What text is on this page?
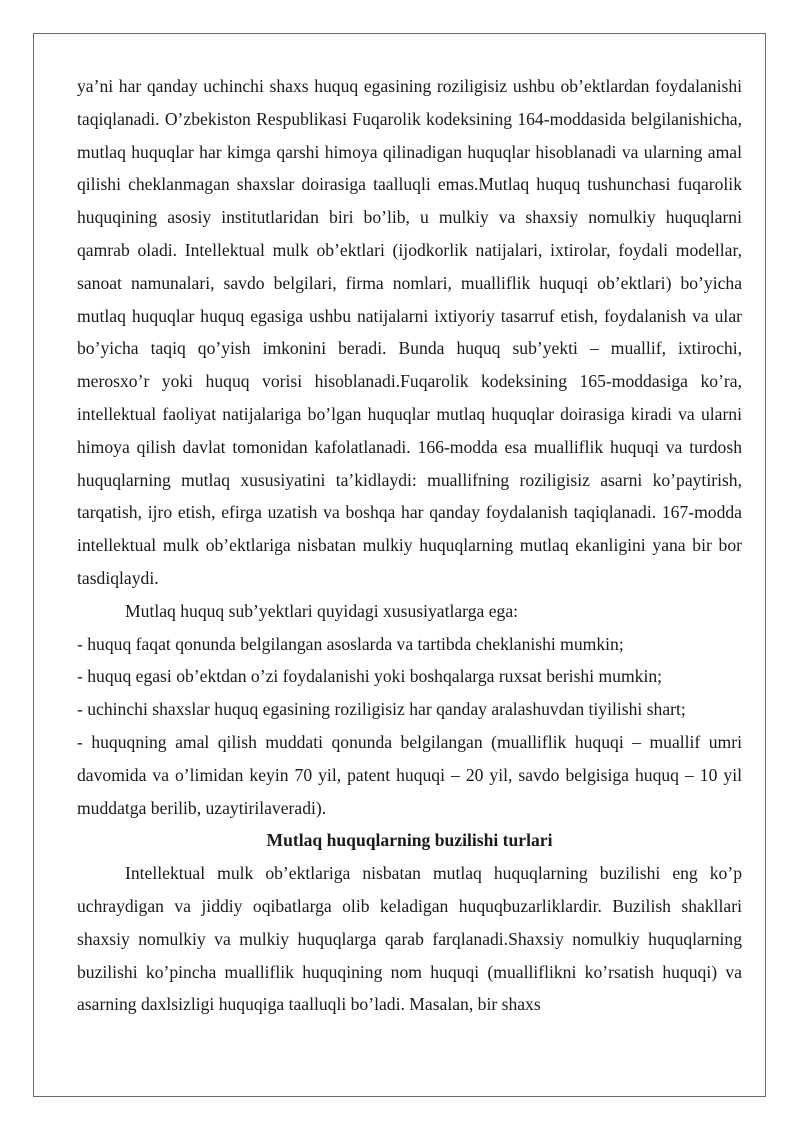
ya’ni har qanday uchinchi shaxs huquq egasining roziligisiz ushbu ob’ektlardan foydalanishi taqiqlanadi. O’zbekiston Respublikasi Fuqarolik kodeksining 164-moddasida belgilanishicha, mutlaq huquqlar har kimga qarshi himoya qilinadigan huquqlar hisoblanadi va ularning amal qilishi cheklanmagan shaxslar doirasiga taalluqli emas.Mutlaq huquq tushunchasi fuqarolik huquqining asosiy institutlaridan biri bo’lib, u mulkiy va shaxsiy nomulkiy huquqlarni qamrab oladi. Intellektual mulk ob’ektlari (ijodkorlik natijalari, ixtirolar, foydali modellar, sanoat namunalari, savdo belgilari, firma nomlari, mualliflik huquqi ob’ektlari) bo’yicha mutlaq huquqlar huquq egasiga ushbu natijalarni ixtiyoriy tasarruf etish, foydalanish va ular bo’yicha taqiq qo’yish imkonini beradi. Bunda huquq sub’yekti – muallif, ixtirochi, merosxo’r yoki huquq vorisi hisoblanadi.Fuqarolik kodeksining 165-moddasiga ko’ra, intellektual faoliyat natijalariga bo’lgan huquqlar mutlaq huquqlar doirasiga kiradi va ularni himoya qilish davlat tomonidan kafolatlanadi. 166-modda esa mualliflik huquqi va turdosh huquqlarning mutlaq xususiyatini ta’kidlaydi: muallifning roziligisiz asarni ko’paytirish, tarqatish, ijro etish, efirga uzatish va boshqa har qanday foydalanish taqiqlanadi. 167-modda intellektual mulk ob’ektlariga nisbatan mulkiy huquqlarning mutlaq ekanligini yana bir bor tasdiqlaydi.

Mutlaq huquq sub’yektlari quyidagi xususiyatlarga ega:

- huquq faqat qonunda belgilangan asoslarda va tartibda cheklanishi mumkin;

- huquq egasi ob’ektdan o’zi foydalanishi yoki boshqalarga ruxsat berishi mumkin;

- uchinchi shaxslar huquq egasining roziligisiz har qanday aralashuvdan tiyilishi shart;

- huquqning amal qilish muddati qonunda belgilangan (mualliflik huquqi – muallif umri davomida va o’limidan keyin 70 yil, patent huquqi – 20 yil, savdo belgisiga huquq – 10 yil muddatga berilib, uzaytirilaveradi).

Mutlaq huquqlarning buzilishi turlari

Intellektual mulk ob’ektlariga nisbatan mutlaq huquqlarning buzilishi eng ko’p uchraydigan va jiddiy oqibatlarga olib keladigan huquqbuzarliklardir. Buzilish shakllari shaxsiy nomulkiy va mulkiy huquqlarga qarab farqlanadi.Shaxsiy nomulkiy huquqlarning buzilishi ko’pincha mualliflik huquqining nom huquqi (mualliflikni ko’rsatish huquqi) va asarning daxlsizligi huquqiga taalluqli bo’ladi. Masalan, bir shaxs
